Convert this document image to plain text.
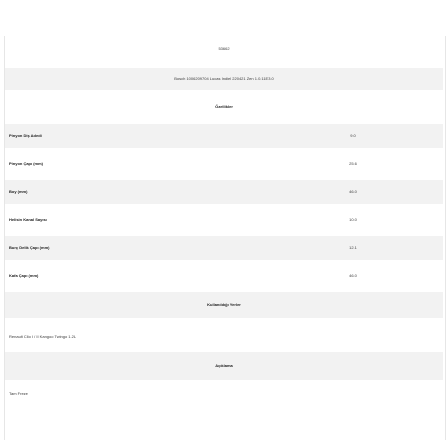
53662
Bosch 1006209704 Lucas Indiel 220421 Zen 1.0.11E3.0
Özellikler
Pinyon Diş Adedi	9.0
Pinyon Çapı (mm)	25.6
Boy (mm)	46.0
Helisin Kanal Sayısı	10.0
Burç Delik Çapı (mm)	12.1
Kafa Çapı (mm)	46.0
Kullanıldığı Yerler
Renault Clio I / II Kangoo Twingo 1.2L
Açıklama
Tam Freze
